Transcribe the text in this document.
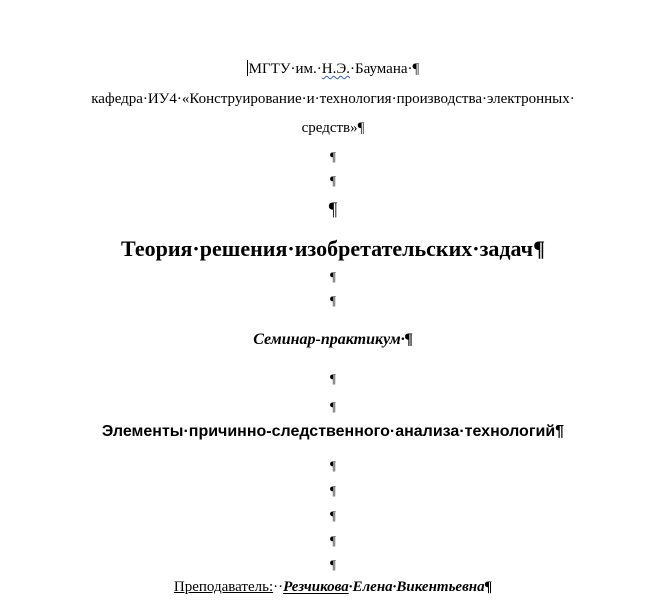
МГТУ·им.·Н.Э.·Баумана·¶
кафедра·ИУ4·«Конструирование·и·технология·производства·электронных·
средств»¶
¶
¶
¶
Теория·решения·изобретательских·задач¶
¶
¶
Семинар-практикум·¶
¶
¶
Элементы·причинно-следственного·анализа·технологий¶
¶
¶
¶
¶
¶
Преподаватель:··Резчикова·Елена·Викентьевна¶
